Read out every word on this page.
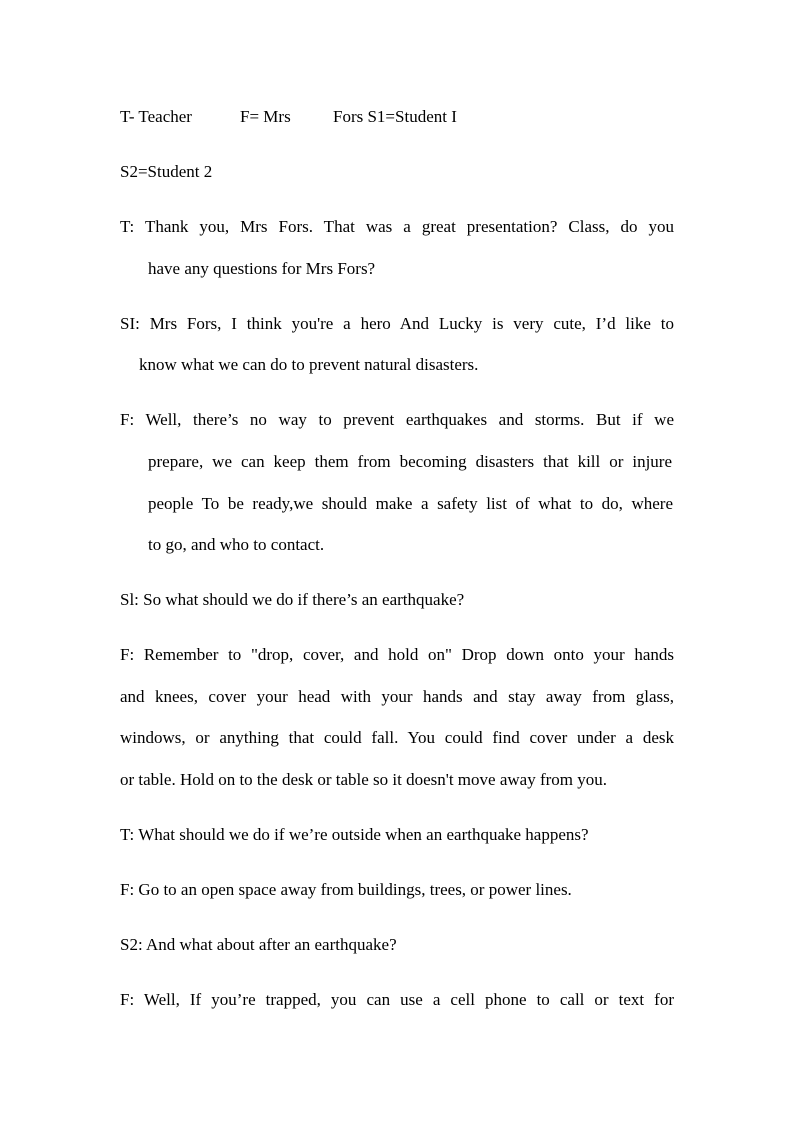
T- Teacher	F= Mrs Fors S1=Student I
S2=Student 2
T: Thank you, Mrs Fors. That was a great presentation? Class, do you
have any questions for Mrs Fors?
SI: Mrs Fors, I think you're a hero And Lucky is very cute, I’d like to
know what we can do to prevent natural disasters.
F: Well, there’s no way to prevent earthquakes and storms. But if we
prepare, we can keep them from becoming disasters that kill or injure
people To be ready,we should make a safety list of what to do, where
to go, and who to contact.
Sl: So what should we do if there’s an earthquake?
F: Remember to "drop, cover, and hold on" Drop down onto your hands
and knees, cover your head with your hands and stay away from glass,
windows, or anything that could fall. You could find cover under a desk
or table. Hold on to the desk or table so it doesn't move away from you.
T: What should we do if we’re outside when an earthquake happens?
F: Go to an open space away from buildings, trees, or power lines.
S2: And what about after an earthquake?
F: Well, If you’re trapped, you can use a cell phone to call or text for
